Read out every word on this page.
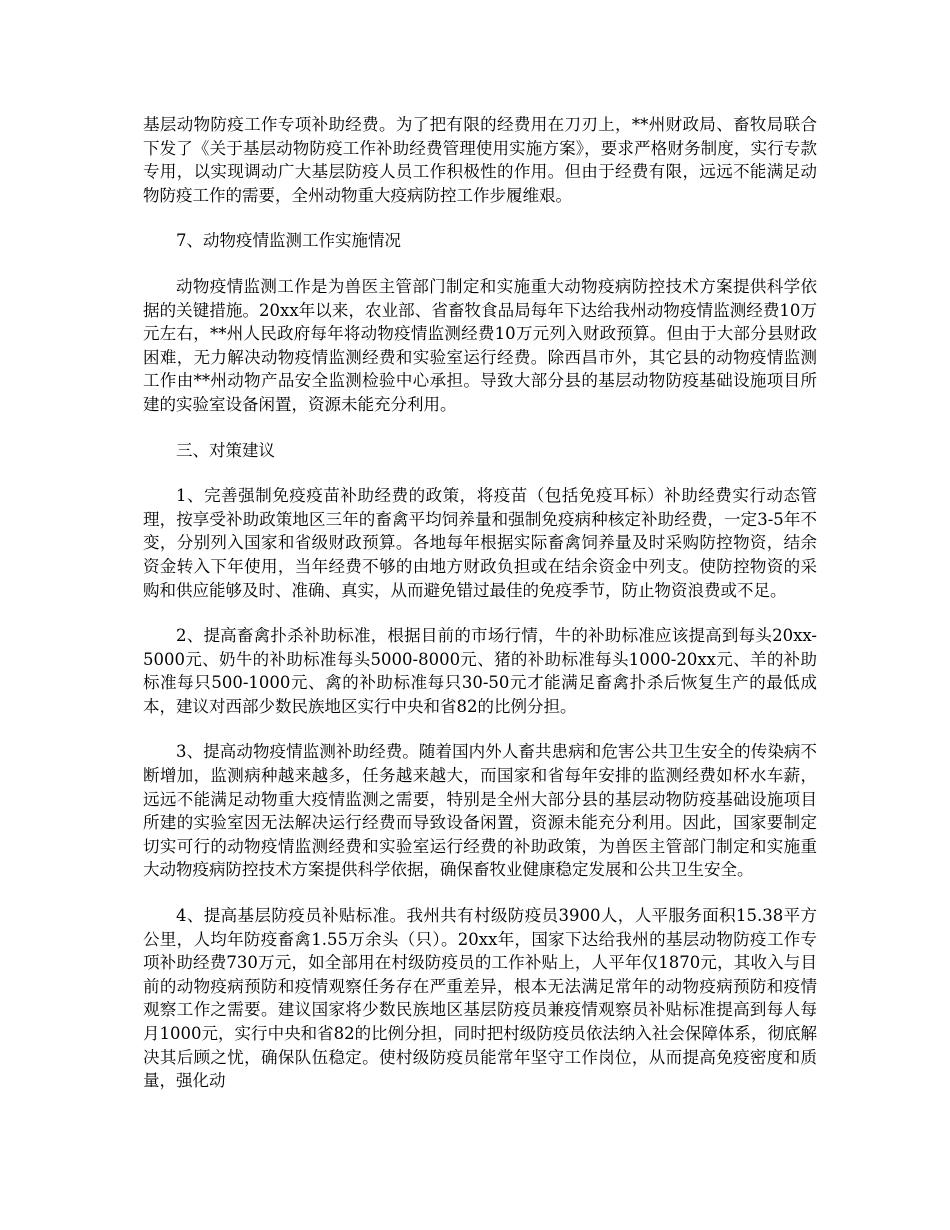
基层动物防疫工作专项补助经费。为了把有限的经费用在刀刃上，**州财政局、畜牧局联合下发了《关于基层动物防疫工作补助经费管理使用实施方案》，要求严格财务制度，实行专款专用，以实现调动广大基层防疫人员工作积极性的作用。但由于经费有限，远远不能满足动物防疫工作的需要，全州动物重大疫病防控工作步履维艰。

7、动物疫情监测工作实施情况

动物疫情监测工作是为兽医主管部门制定和实施重大动物疫病防控技术方案提供科学依据的关键措施。20xx年以来，农业部、省畜牧食品局每年下达给我州动物疫情监测经费10万元左右，**州人民政府每年将动物疫情监测经费10万元列入财政预算。但由于大部分县财政困难，无力解决动物疫情监测经费和实验室运行经费。除西昌市外，其它县的动物疫情监测工作由**州动物产品安全监测检验中心承担。导致大部分县的基层动物防疫基础设施项目所建的实验室设备闲置，资源未能充分利用。

三、对策建议

1、完善强制免疫疫苗补助经费的政策，将疫苗（包括免疫耳标）补助经费实行动态管理，按享受补助政策地区三年的畜禽平均饲养量和强制免疫病种核定补助经费，一定3-5年不变，分别列入国家和省级财政预算。各地每年根据实际畜禽饲养量及时采购防控物资，结余资金转入下年使用，当年经费不够的由地方财政负担或在结余资金中列支。使防控物资的采购和供应能够及时、准确、真实，从而避免错过最佳的免疫季节，防止物资浪费或不足。

2、提高畜禽扑杀补助标准，根据目前的市场行情，牛的补助标准应该提高到每头20xx-5000元、奶牛的补助标准每头5000-8000元、猪的补助标准每头1000-20xx元、羊的补助标准每只500-1000元、禽的补助标准每只30-50元才能满足畜禽扑杀后恢复生产的最低成本，建议对西部少数民族地区实行中央和省82的比例分担。

3、提高动物疫情监测补助经费。随着国内外人畜共患病和危害公共卫生安全的传染病不断增加，监测病种越来越多，任务越来越大，而国家和省每年安排的监测经费如杯水车薪，远远不能满足动物重大疫情监测之需要，特别是全州大部分县的基层动物防疫基础设施项目所建的实验室因无法解决运行经费而导致设备闲置，资源未能充分利用。因此，国家要制定切实可行的动物疫情监测经费和实验室运行经费的补助政策，为兽医主管部门制定和实施重大动物疫病防控技术方案提供科学依据，确保畜牧业健康稳定发展和公共卫生安全。

4、提高基层防疫员补贴标准。我州共有村级防疫员3900人，人平服务面积15.38平方公里，人均年防疫畜禽1.55万余头（只）。20xx年，国家下达给我州的基层动物防疫工作专项补助经费730万元，如全部用在村级防疫员的工作补贴上，人平年仅1870元，其收入与目前的动物疫病预防和疫情观察任务存在严重差异，根本无法满足常年的动物疫病预防和疫情观察工作之需要。建议国家将少数民族地区基层防疫员兼疫情观察员补贴标准提高到每人每月1000元，实行中央和省82的比例分担，同时把村级防疫员依法纳入社会保障体系，彻底解决其后顾之忧，确保队伍稳定。使村级防疫员能常年坚守工作岗位，从而提高免疫密度和质量，强化动
